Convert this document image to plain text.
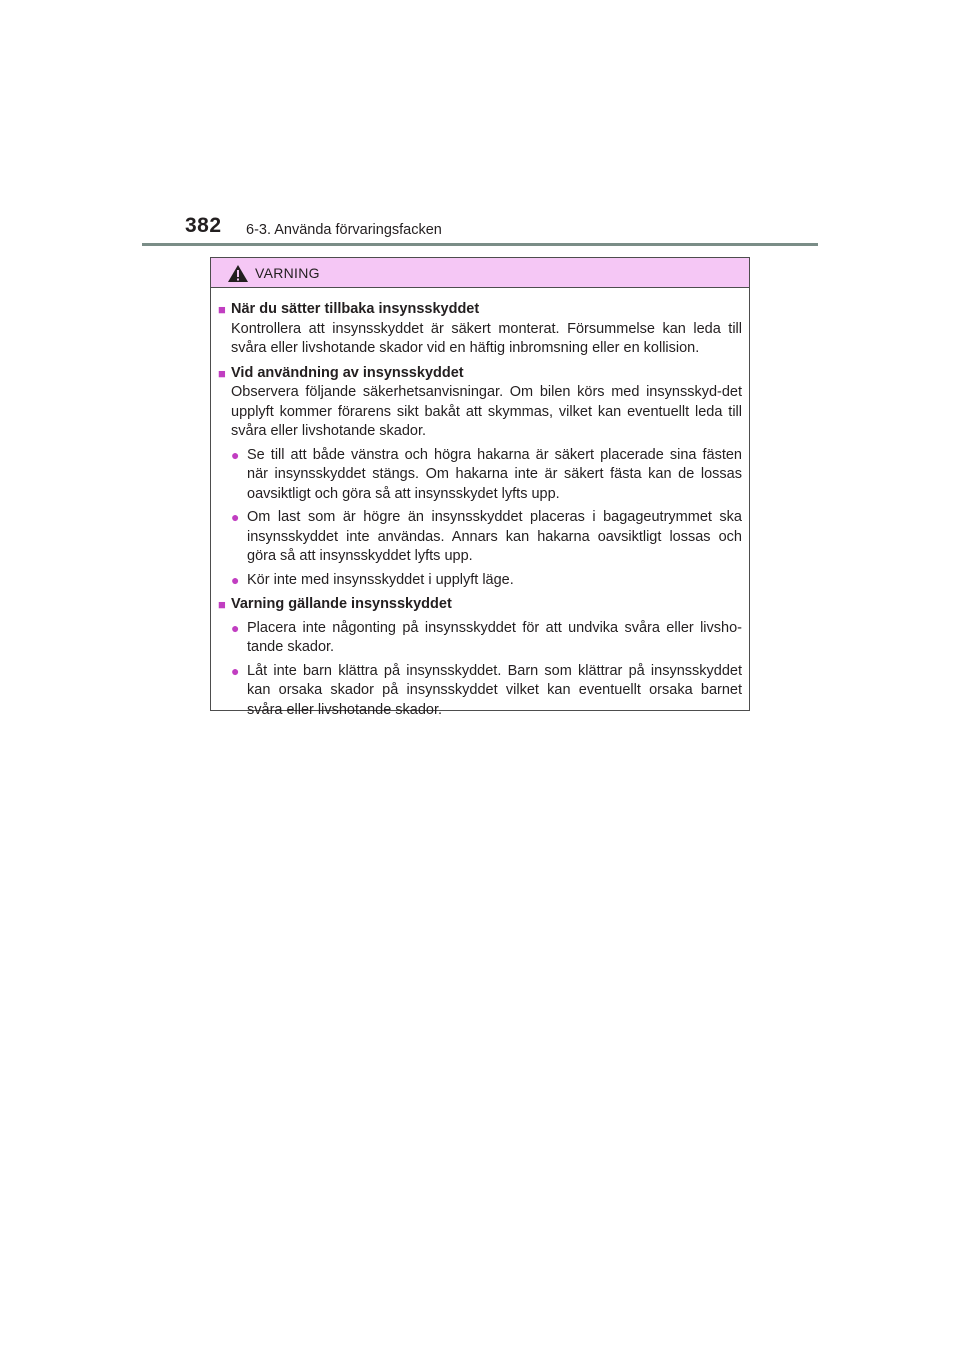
382 6-3. Använda förvaringsfacken
VARNING
■ När du sätter tillbaka insynsskyddet
Kontrollera att insynsskyddet är säkert monterat. Försummelse kan leda till svåra eller livshotande skador vid en häftig inbromsning eller en kollision.
■ Vid användning av insynsskyddet
Observera följande säkerhetsanvisningar. Om bilen körs med insynsskyd-det upplyft kommer förarens sikt bakåt att skymmas, vilket kan eventuellt leda till svåra eller livshotande skador.
● Se till att både vänstra och högra hakarna är säkert placerade sina fästen när insynsskyddet stängs. Om hakarna inte är säkert fästa kan de lossas oavsiktligt och göra så att insynsskydet lyfts upp.
● Om last som är högre än insynsskyddet placeras i bagageutrymmet ska insynsskyddet inte användas. Annars kan hakarna oavsiktligt lossas och göra så att insynsskyddet lyfts upp.
● Kör inte med insynsskyddet i upplyft läge.
■ Varning gällande insynsskyddet
● Placera inte någonting på insynsskyddet för att undvika svåra eller livsho-tande skador.
● Låt inte barn klättra på insynsskyddet. Barn som klättrar på insynsskyddet kan orsaka skador på insynsskyddet vilket kan eventuellt orsaka barnet svåra eller livshotande skador.
